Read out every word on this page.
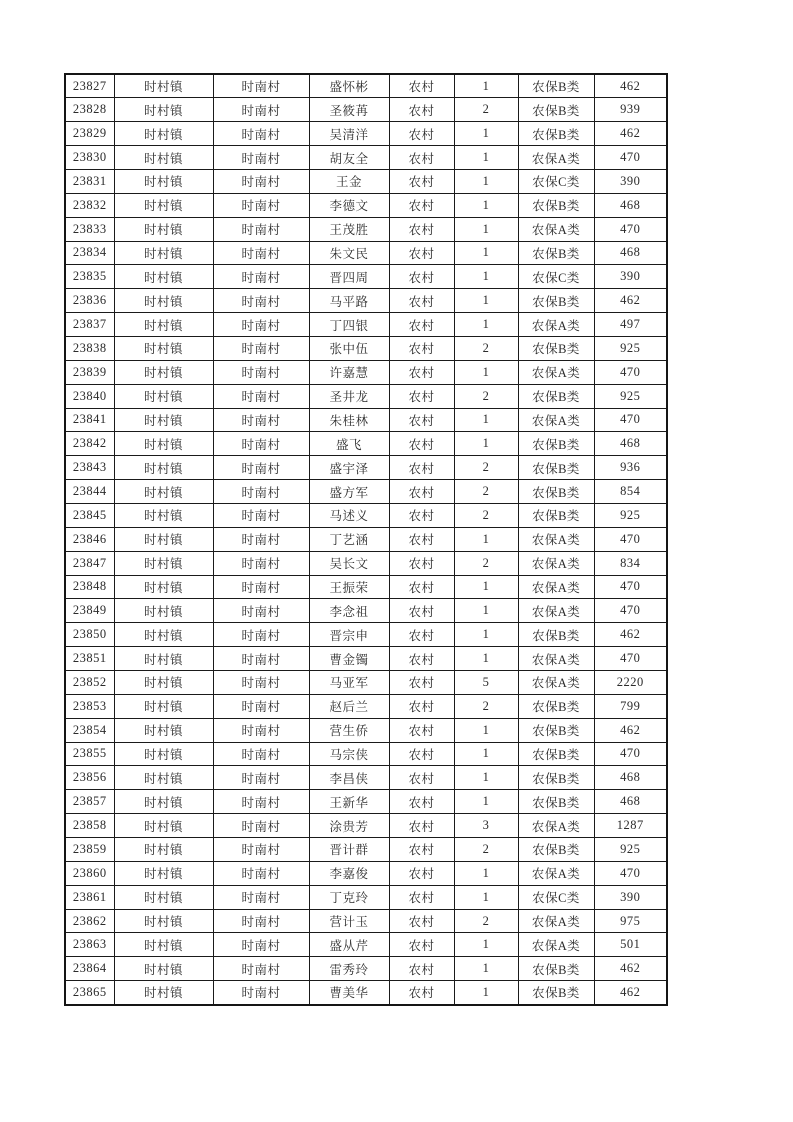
23827	时村镇	时南村	盛怀彬	农村	1	农保B类	462
23828	时村镇	时南村	圣筱苒	农村	2	农保B类	939
23829	时村镇	时南村	吴清洋	农村	1	农保B类	462
23830	时村镇	时南村	胡友全	农村	1	农保A类	470
23831	时村镇	时南村	王金	农村	1	农保C类	390
23832	时村镇	时南村	李德文	农村	1	农保B类	468
23833	时村镇	时南村	王茂胜	农村	1	农保A类	470
23834	时村镇	时南村	朱文民	农村	1	农保B类	468
23835	时村镇	时南村	晋四周	农村	1	农保C类	390
23836	时村镇	时南村	马平路	农村	1	农保B类	462
23837	时村镇	时南村	丁四银	农村	1	农保A类	497
23838	时村镇	时南村	张中伍	农村	2	农保B类	925
23839	时村镇	时南村	许嘉慧	农村	1	农保A类	470
23840	时村镇	时南村	圣井龙	农村	2	农保B类	925
23841	时村镇	时南村	朱桂林	农村	1	农保A类	470
23842	时村镇	时南村	盛飞	农村	1	农保B类	468
23843	时村镇	时南村	盛宇泽	农村	2	农保B类	936
23844	时村镇	时南村	盛方军	农村	2	农保B类	854
23845	时村镇	时南村	马述义	农村	2	农保B类	925
23846	时村镇	时南村	丁艺涵	农村	1	农保A类	470
23847	时村镇	时南村	吴长文	农村	2	农保A类	834
23848	时村镇	时南村	王振荣	农村	1	农保A类	470
23849	时村镇	时南村	李念祖	农村	1	农保A类	470
23850	时村镇	时南村	晋宗申	农村	1	农保B类	462
23851	时村镇	时南村	曹金镯	农村	1	农保A类	470
23852	时村镇	时南村	马亚军	农村	5	农保A类	2220
23853	时村镇	时南村	赵后兰	农村	2	农保B类	799
23854	时村镇	时南村	营生侨	农村	1	农保B类	462
23855	时村镇	时南村	马宗侠	农村	1	农保B类	470
23856	时村镇	时南村	李昌侠	农村	1	农保B类	468
23857	时村镇	时南村	王新华	农村	1	农保B类	468
23858	时村镇	时南村	涂贵芳	农村	3	农保A类	1287
23859	时村镇	时南村	晋计群	农村	2	农保B类	925
23860	时村镇	时南村	李嘉俊	农村	1	农保A类	470
23861	时村镇	时南村	丁克玲	农村	1	农保C类	390
23862	时村镇	时南村	营计玉	农村	2	农保A类	975
23863	时村镇	时南村	盛从芹	农村	1	农保A类	501
23864	时村镇	时南村	雷秀玲	农村	1	农保B类	462
23865	时村镇	时南村	曹美华	农村	1	农保B类	462
